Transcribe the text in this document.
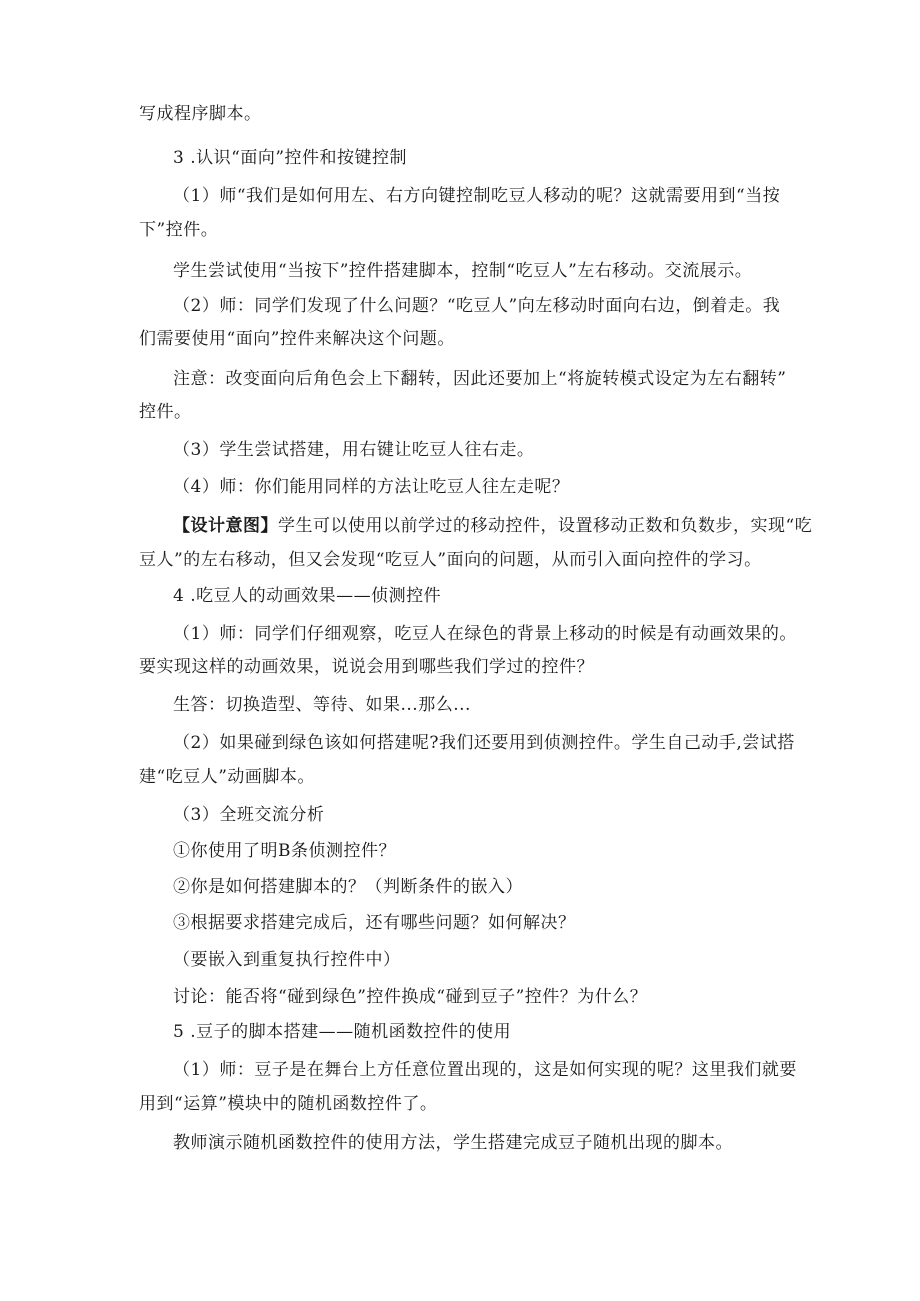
写成程序脚本。
3 .认识“面向”控件和按键控制
（1）师“我们是如何用左、右方向键控制吃豆人移动的呢？这就需要用到“当按
下”控件。
学生尝试使用“当按下”控件搭建脚本，控制“吃豆人”左右移动。交流展示。
（2）师：同学们发现了什么问题？“吃豆人”向左移动时面向右边，倒着走。我
们需要使用“面向”控件来解决这个问题。
注意：改变面向后角色会上下翻转，因此还要加上“将旋转模式设定为左右翻转”
控件。
（3）学生尝试搭建，用右键让吃豆人往右走。
（4）师：你们能用同样的方法让吃豆人往左走呢？
【设计意图】学生可以使用以前学过的移动控件，设置移动正数和负数步，实现“吃
豆人”的左右移动，但又会发现“吃豆人”面向的问题，从而引入面向控件的学习。
4 .吃豆人的动画效果——侦测控件
（1）师：同学们仔细观察，吃豆人在绿色的背景上移动的时候是有动画效果的。
要实现这样的动画效果，说说会用到哪些我们学过的控件？
生答：切换造型、等待、如果...那么...
（2）如果碰到绿色该如何搭建呢?我们还要用到侦测控件。学生自己动手,尝试搭
建“吃豆人”动画脚本。
（3）全班交流分析
①你使用了明B条侦测控件？
②你是如何搭建脚本的？（判断条件的嵌入）
③根据要求搭建完成后，还有哪些问题？如何解决？
（要嵌入到重复执行控件中）
讨论：能否将“碰到绿色”控件换成“碰到豆子”控件？为什么？
5 .豆子的脚本搭建——随机函数控件的使用
（1）师：豆子是在舞台上方任意位置出现的，这是如何实现的呢？这里我们就要
用到“运算”模块中的随机函数控件了。
教师演示随机函数控件的使用方法，学生搭建完成豆子随机出现的脚本。
